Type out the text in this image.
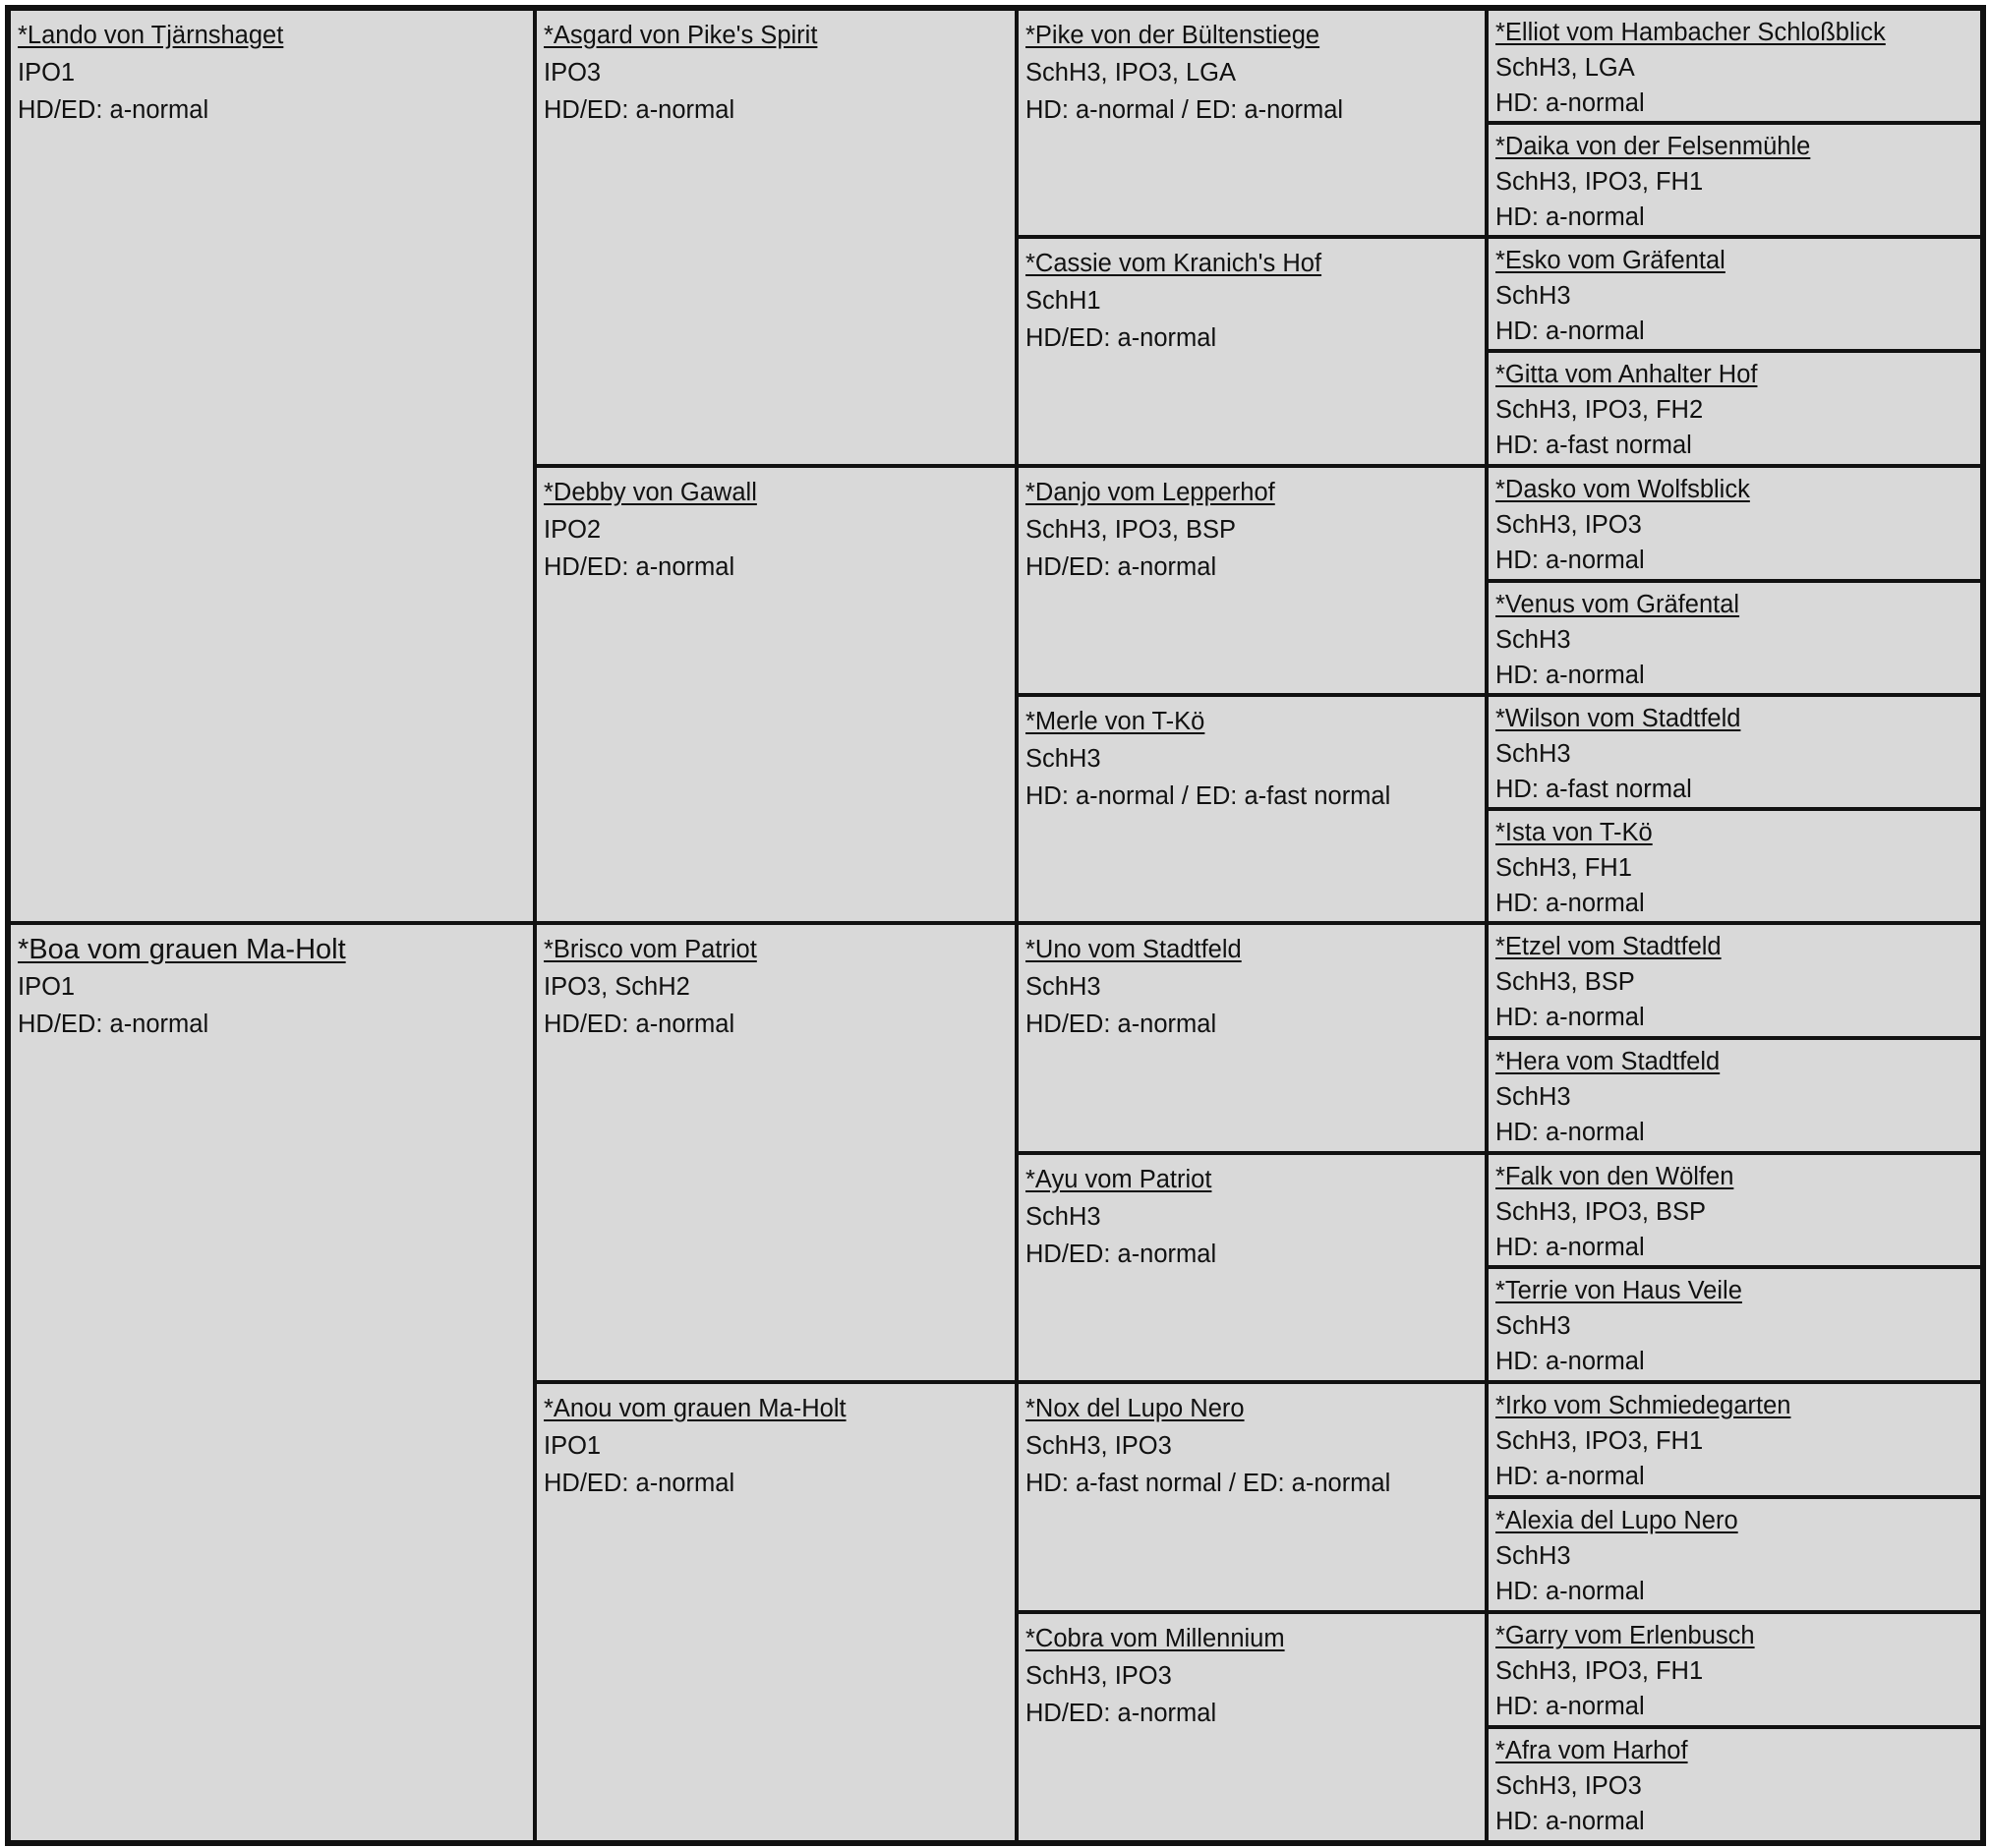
*Lando von Tjärnshaget
IPO1
HD/ED: a-normal
*Boa vom grauen Ma-Holt
IPO1
HD/ED: a-normal
*Asgard von Pike's Spirit
IPO3
HD/ED: a-normal
*Debby von Gawall
IPO2
HD/ED: a-normal
*Brisco vom Patriot
IPO3, SchH2
HD/ED: a-normal
*Anou vom grauen Ma-Holt
IPO1
HD/ED: a-normal
*Pike von der Bültenstiege
SchH3, IPO3, LGA
HD: a-normal / ED: a-normal
*Cassie vom Kranich's Hof
SchH1
HD/ED: a-normal
*Danjo vom Lepperhof
SchH3, IPO3, BSP
HD/ED: a-normal
*Merle von T-Kö
SchH3
HD: a-normal / ED: a-fast normal
*Uno vom Stadtfeld
SchH3
HD/ED: a-normal
*Ayu vom Patriot
SchH3
HD/ED: a-normal
*Nox del Lupo Nero
SchH3, IPO3
HD: a-fast normal / ED: a-normal
*Cobra vom Millennium
SchH3, IPO3
HD/ED: a-normal
*Elliot vom Hambacher Schloßblick
SchH3, LGA
HD: a-normal
*Daika von der Felsenmühle
SchH3, IPO3, FH1
HD: a-normal
*Esko vom Gräfental
SchH3
HD: a-normal
*Gitta vom Anhalter Hof
SchH3, IPO3, FH2
HD: a-fast normal
*Dasko vom Wolfsblick
SchH3, IPO3
HD: a-normal
*Venus vom Gräfental
SchH3
HD: a-normal
*Wilson vom Stadtfeld
SchH3
HD: a-fast normal
*Ista von T-Kö
SchH3, FH1
HD: a-normal
*Etzel vom Stadtfeld
SchH3, BSP
HD: a-normal
*Hera vom Stadtfeld
SchH3
HD: a-normal
*Falk von den Wölfen
SchH3, IPO3, BSP
HD: a-normal
*Terrie von Haus Veile
SchH3
HD: a-normal
*Irko vom Schmiedegarten
SchH3, IPO3, FH1
HD: a-normal
*Alexia del Lupo Nero
SchH3
HD: a-normal
*Garry vom Erlenbusch
SchH3, IPO3, FH1
HD: a-normal
*Afra vom Harhof
SchH3, IPO3
HD: a-normal
